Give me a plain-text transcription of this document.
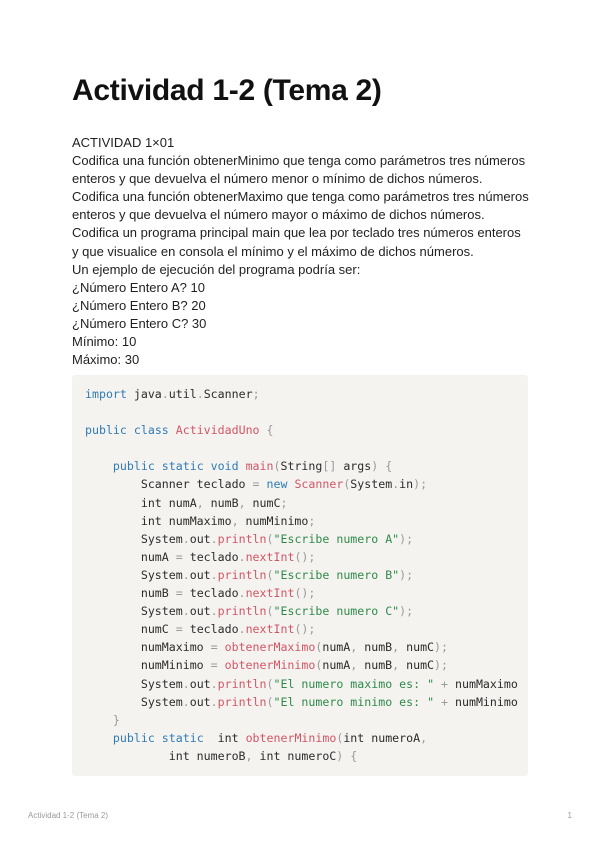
Actividad 1-2 (Tema 2)

ACTIVIDAD 1×01

Codifica una función obtenerMinimo que tenga como parámetros tres números

enteros y que devuelva el número menor o mínimo de dichos números.

Codifica una función obtenerMaximo que tenga como parámetros tres números

enteros y que devuelva el número mayor o máximo de dichos números.

Codifica un programa principal main que lea por teclado tres números enteros

y que visualice en consola el mínimo y el máximo de dichos números.

Un ejemplo de ejecución del programa podría ser:

¿Número Entero A? 10

¿Número Entero B? 20

¿Número Entero C? 30

Mínimo: 10

Máximo: 30

import java.util.Scanner;

public class ActividadUno {

public static void main(String[] args) {
Scanner teclado = new Scanner(System.in);
int numA, numB, numC;
int numMaximo, numMinimo;
System.out.println("Escribe numero A");
numA = teclado.nextInt();
System.out.println("Escribe numero B");
numB = teclado.nextInt();
System.out.println("Escribe numero C");
numC = teclado.nextInt();
numMaximo = obtenerMaximo(numA, numB, numC);
numMinimo = obtenerMinimo(numA, numB, numC);
System.out.println("El numero maximo es: " + numMaximo
System.out.println("El numero minimo es: " + numMinimo
}
public static  int obtenerMinimo(int numeroA,
int numeroB, int numeroC) {
Actividad 1-2 (Tema 2)	1
